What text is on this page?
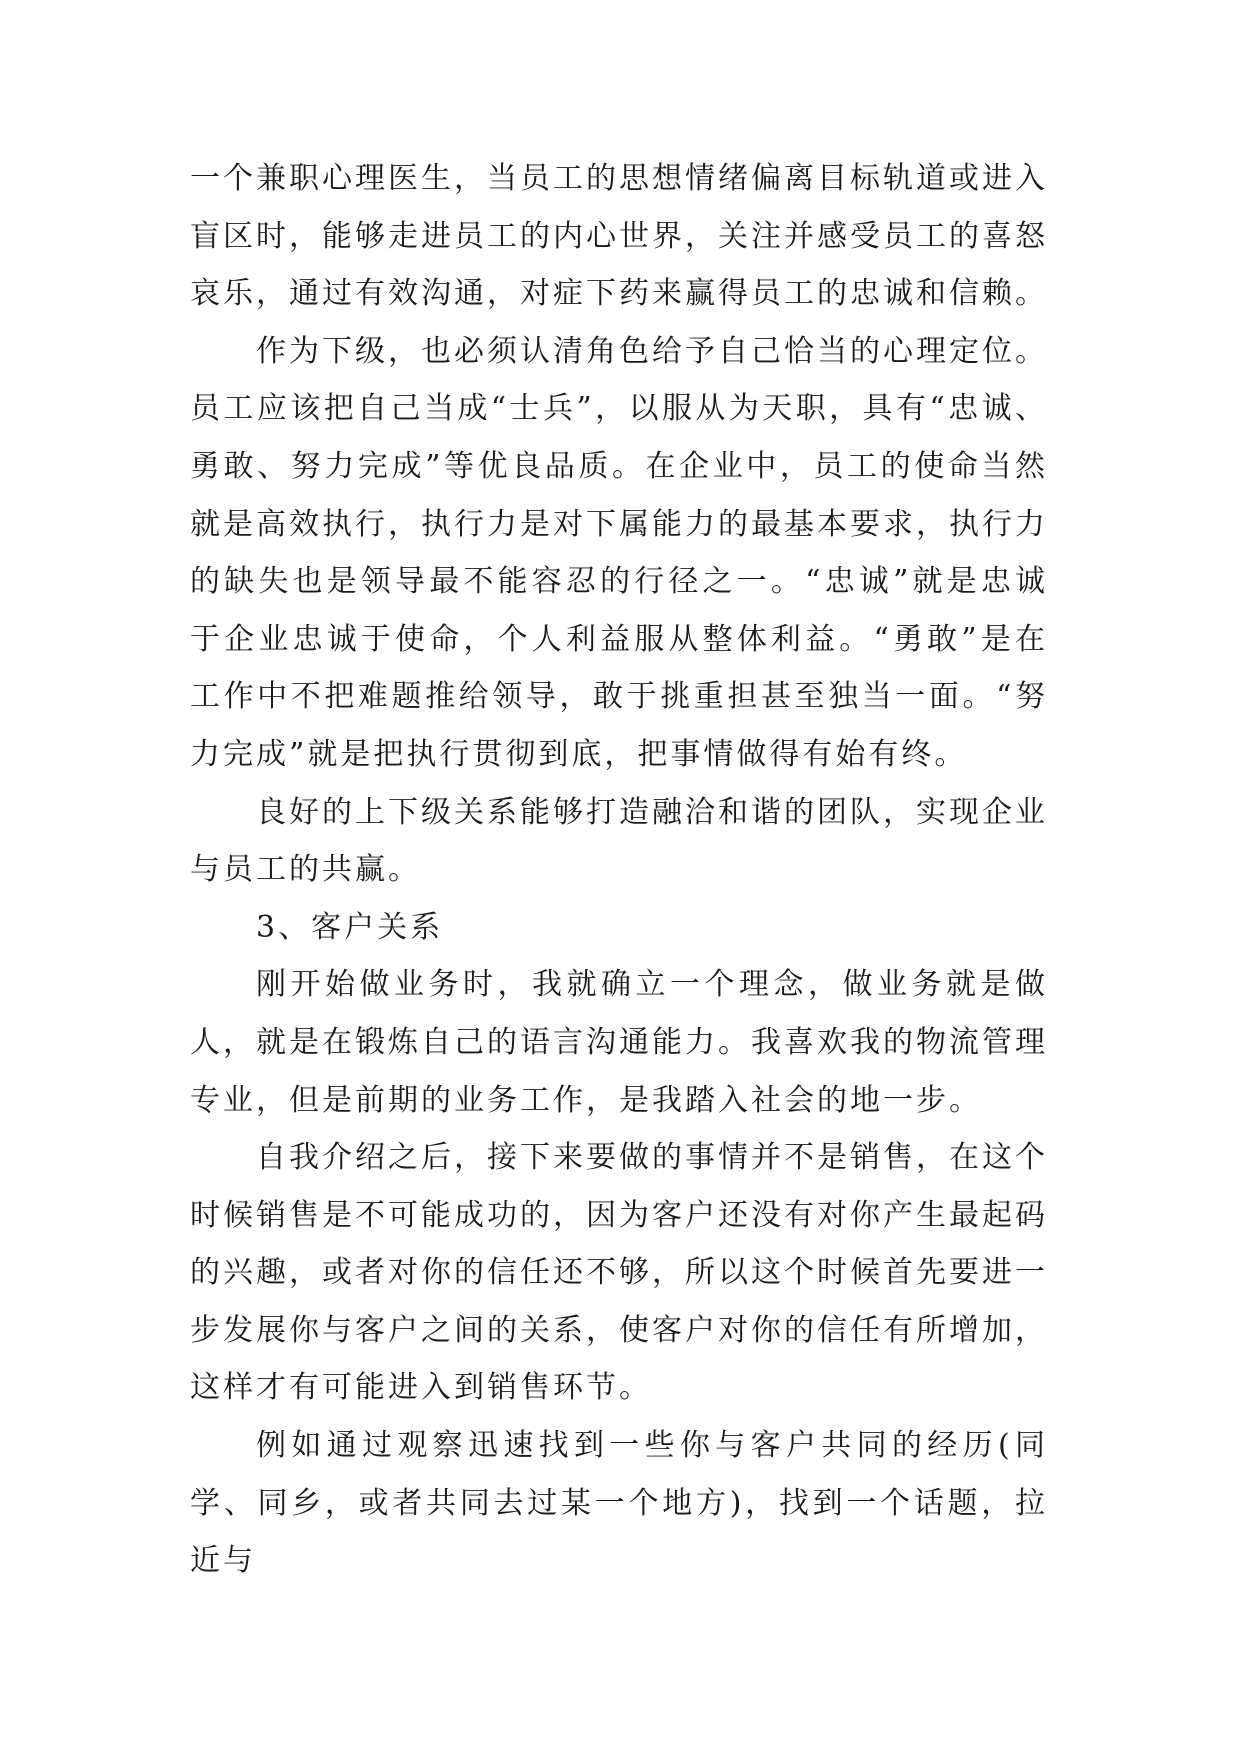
一个兼职心理医生，当员工的思想情绪偏离目标轨道或进入盲区时，能够走进员工的内心世界，关注并感受员工的喜怒哀乐，通过有效沟通，对症下药来赢得员工的忠诚和信赖。

作为下级，也必须认清角色给予自己恰当的心理定位。员工应该把自己当成“士兵”，以服从为天职，具有“忠诚、勇敢、努力完成”等优良品质。在企业中，员工的使命当然就是高效执行，执行力是对下属能力的最基本要求，执行力的缺失也是领导最不能容忍的行径之一。“忠诚”就是忠诚于企业忠诚于使命，个人利益服从整体利益。“勇敢”是在工作中不把难题推给领导，敢于挑重担甚至独当一面。“努力完成”就是把执行贯彻到底，把事情做得有始有终。

良好的上下级关系能够打造融洽和谐的团队，实现企业与员工的共赢。

3、客户关系

刚开始做业务时，我就确立一个理念，做业务就是做人，就是在锻炼自己的语言沟通能力。我喜欢我的物流管理专业，但是前期的业务工作，是我踏入社会的地一步。

自我介绍之后，接下来要做的事情并不是销售，在这个时候销售是不可能成功的，因为客户还没有对你产生最起码的兴趣，或者对你的信任还不够，所以这个时候首先要进一步发展你与客户之间的关系，使客户对你的信任有所增加，这样才有可能进入到销售环节。

例如通过观察迅速找到一些你与客户共同的经历(同学、同乡，或者共同去过某一个地方)，找到一个话题，拉近与
